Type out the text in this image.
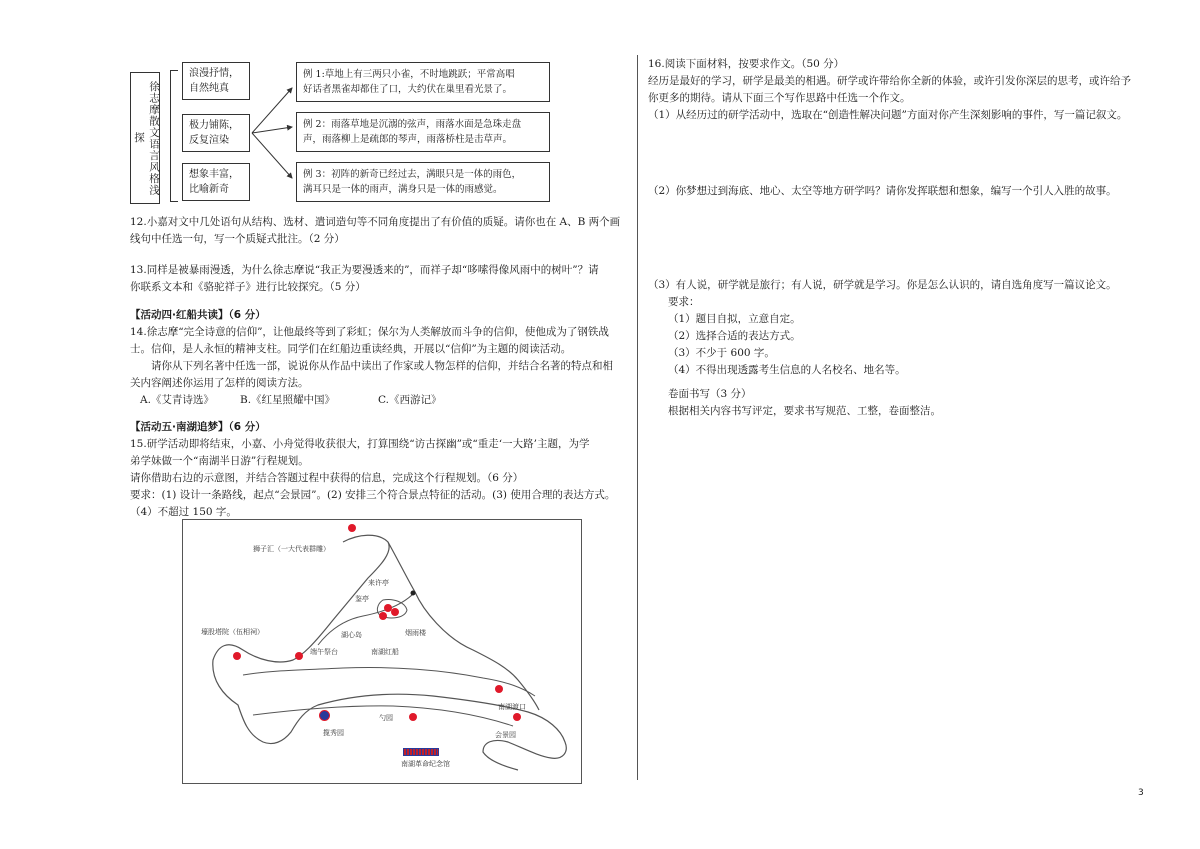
徐志摩散文语言风格浅探
浪漫抒情，
自然纯真
极力铺陈，
反复渲染
想象丰富，
比喻新奇
例 1:草地上有三两只小雀，不时地跳跃；平常高唱
好话者黑雀却都住了口，大约伏在巢里看光景了。
例 2：雨落草地是沉溺的弦声，雨落水面是急珠走盘
声，雨落柳上是疏郎的琴声，雨落桥柱是击草声。
例 3：初阵的新奇已经过去，满眼只是一体的雨色，
满耳只是一体的雨声，满身只是一体的雨感觉。

12.小嘉对文中几处语句从结构、选材、遣词造句等不同角度提出了有价值的质疑。请你也在 A、B 两个画

线句中任选一句，写一个质疑式批注。（2 分）

13.同样是被暴雨漫透，为什么徐志摩说“我正为要漫透来的”，而祥子却“哆嗦得像风雨中的树叶”？请

你联系文本和《骆驼祥子》进行比较探究。（5 分）

【活动四·红船共读】（6 分）

14.徐志摩“完全诗意的信仰”，让他最终等到了彩虹；保尔为人类解放而斗争的信仰，使他成为了钢铁战

士。信仰，是人永恒的精神支柱。同学们在红船边重读经典，开展以“信仰”为主题的阅读活动。

请你从下列名著中任选一部，说说你从作品中读出了作家或人物怎样的信仰，并结合名著的特点和相

关内容阐述你运用了怎样的阅读方法。

A.《艾青诗选》 B.《红星照耀中国》	C.《西游记》

【活动五·南湖追梦】（6 分）

15.研学活动即将结束，小嘉、小舟觉得收获很大，打算围绕“访古探幽”或“重走‘一大路’主题，为学

弟学妹做一个“南湖半日游”行程规划。

请你借助右边的示意图，并结合答题过程中获得的信息，完成这个行程规划。（6 分）

要求：(1) 设计一条路线，起点“会景园”。(2) 安排三个符合景点特征的活动。(3) 使用合理的表达方式。

（4）不超过 150 字。

狮子汇（一大代表群雕）
来许亭
鉴亭
烟雨楼
湖心岛
壕股塔院（伍相祠）
端午祭台	南湖红船
南湖渡口
勺园
揽秀园	会景园
南湖革命纪念馆

16.阅读下面材料，按要求作文。（50 分）

经历是最好的学习，研学是最美的相遇。研学或许带给你全新的体验，或许引发你深层的思考，或许给予

你更多的期待。请从下面三个写作思路中任选一个作文。

（1）从经历过的研学活动中，选取在“创造性解决问题”方面对你产生深刻影响的事件，写一篇记叙文。

（2）你梦想过到海底、地心、太空等地方研学吗？请你发挥联想和想象，编写一个引人入胜的故事。

（3）有人说，研学就是旅行；有人说，研学就是学习。你是怎么认识的，请自选角度写一篇议论文。

要求：

（1）题目自拟，立意自定。

（2）选择合适的表达方式。

（3）不少于 600 字。

（4）不得出现透露考生信息的人名校名、地名等。

卷面书写（3 分）

根据相关内容书写评定，要求书写规范、工整，卷面整洁。

3
